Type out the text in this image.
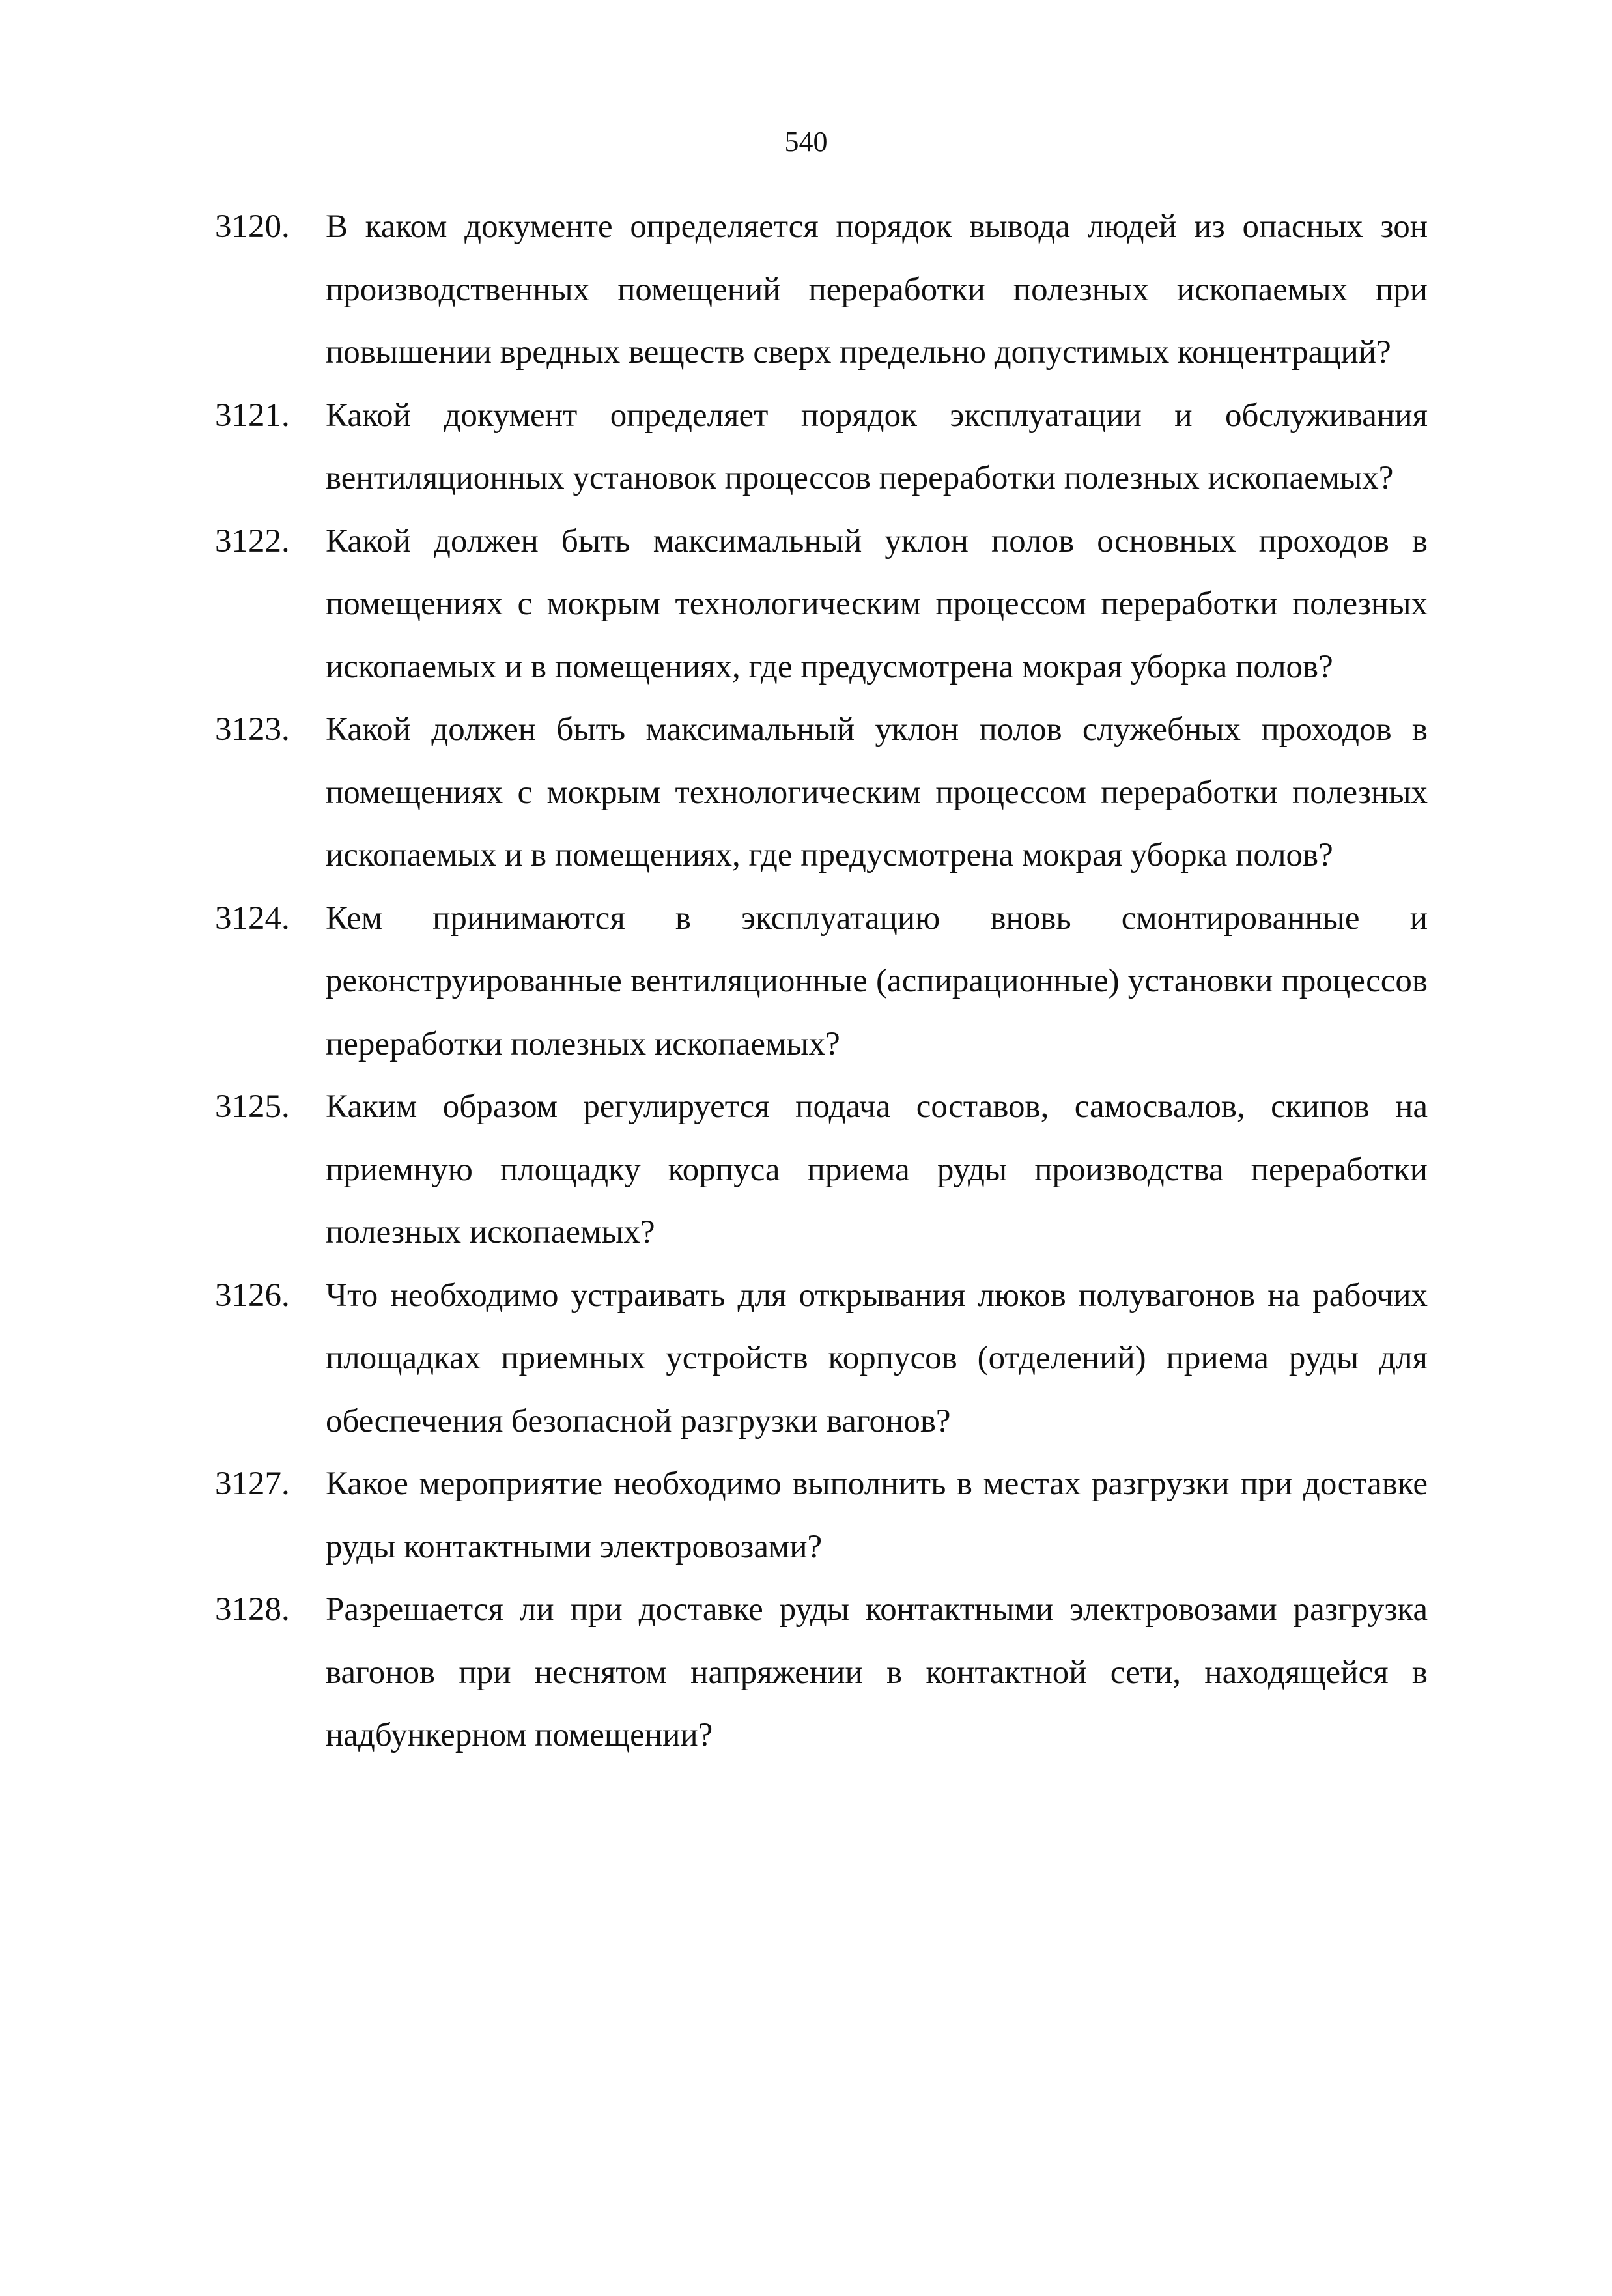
540
3120.	В каком документе определяется порядок вывода людей из опасных зон производственных помещений переработки полезных ископаемых при повышении вредных веществ сверх предельно допустимых концентраций?
3121.	Какой документ определяет порядок эксплуатации и обслуживания вентиляционных установок процессов переработки полезных ископаемых?
3122.	Какой должен быть максимальный уклон полов основных проходов в помещениях с мокрым технологическим процессом переработки полезных ископаемых и в помещениях, где предусмотрена мокрая уборка полов?
3123.	Какой должен быть максимальный уклон полов служебных проходов в помещениях с мокрым технологическим процессом переработки полезных ископаемых и в помещениях, где предусмотрена мокрая уборка полов?
3124.	Кем принимаются в эксплуатацию вновь смонтированные и реконструированные вентиляционные (аспирационные) установки процессов переработки полезных ископаемых?
3125.	Каким образом регулируется подача составов, самосвалов, скипов на приемную площадку корпуса приема руды производства переработки полезных ископаемых?
3126.	Что необходимо устраивать для открывания люков полувагонов на рабочих площадках приемных устройств корпусов (отделений) приема руды для обеспечения безопасной разгрузки вагонов?
3127.	Какое мероприятие необходимо выполнить в местах разгрузки при доставке руды контактными электровозами?
3128.	Разрешается ли при доставке руды контактными электровозами разгрузка вагонов при неснятом напряжении в контактной сети, находящейся в надбункерном помещении?
